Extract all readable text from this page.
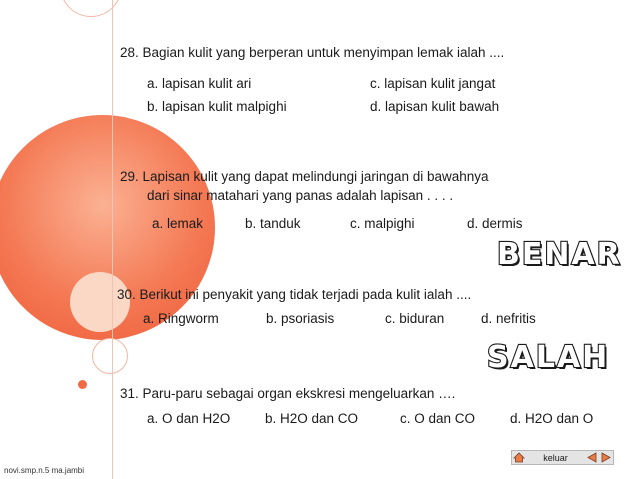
28. Bagian kulit yang berperan untuk menyimpan lemak ialah ....
a. lapisan kulit ari	c. lapisan kulit jangat
b. lapisan kulit malpighi	d. lapisan kulit bawah
29. Lapisan kulit yang dapat melindungi jaringan di bawahnya
dari sinar matahari yang panas adalah lapisan . . . .
a. lemak	b. tanduk	c. malpighi	d. dermis
BENAR
30. Berikut ini penyakit yang tidak terjadi pada kulit ialah ....
a. Ringworm	b. psoriasis	c. biduran	d. nefritis
SALAH
31. Paru-paru sebagai organ ekskresi mengeluarkan ….
a. O dan H2O	b. H2O dan CO	c. O dan CO	d. H2O dan O
keluar
novi.smp.n.5 ma.jambi
